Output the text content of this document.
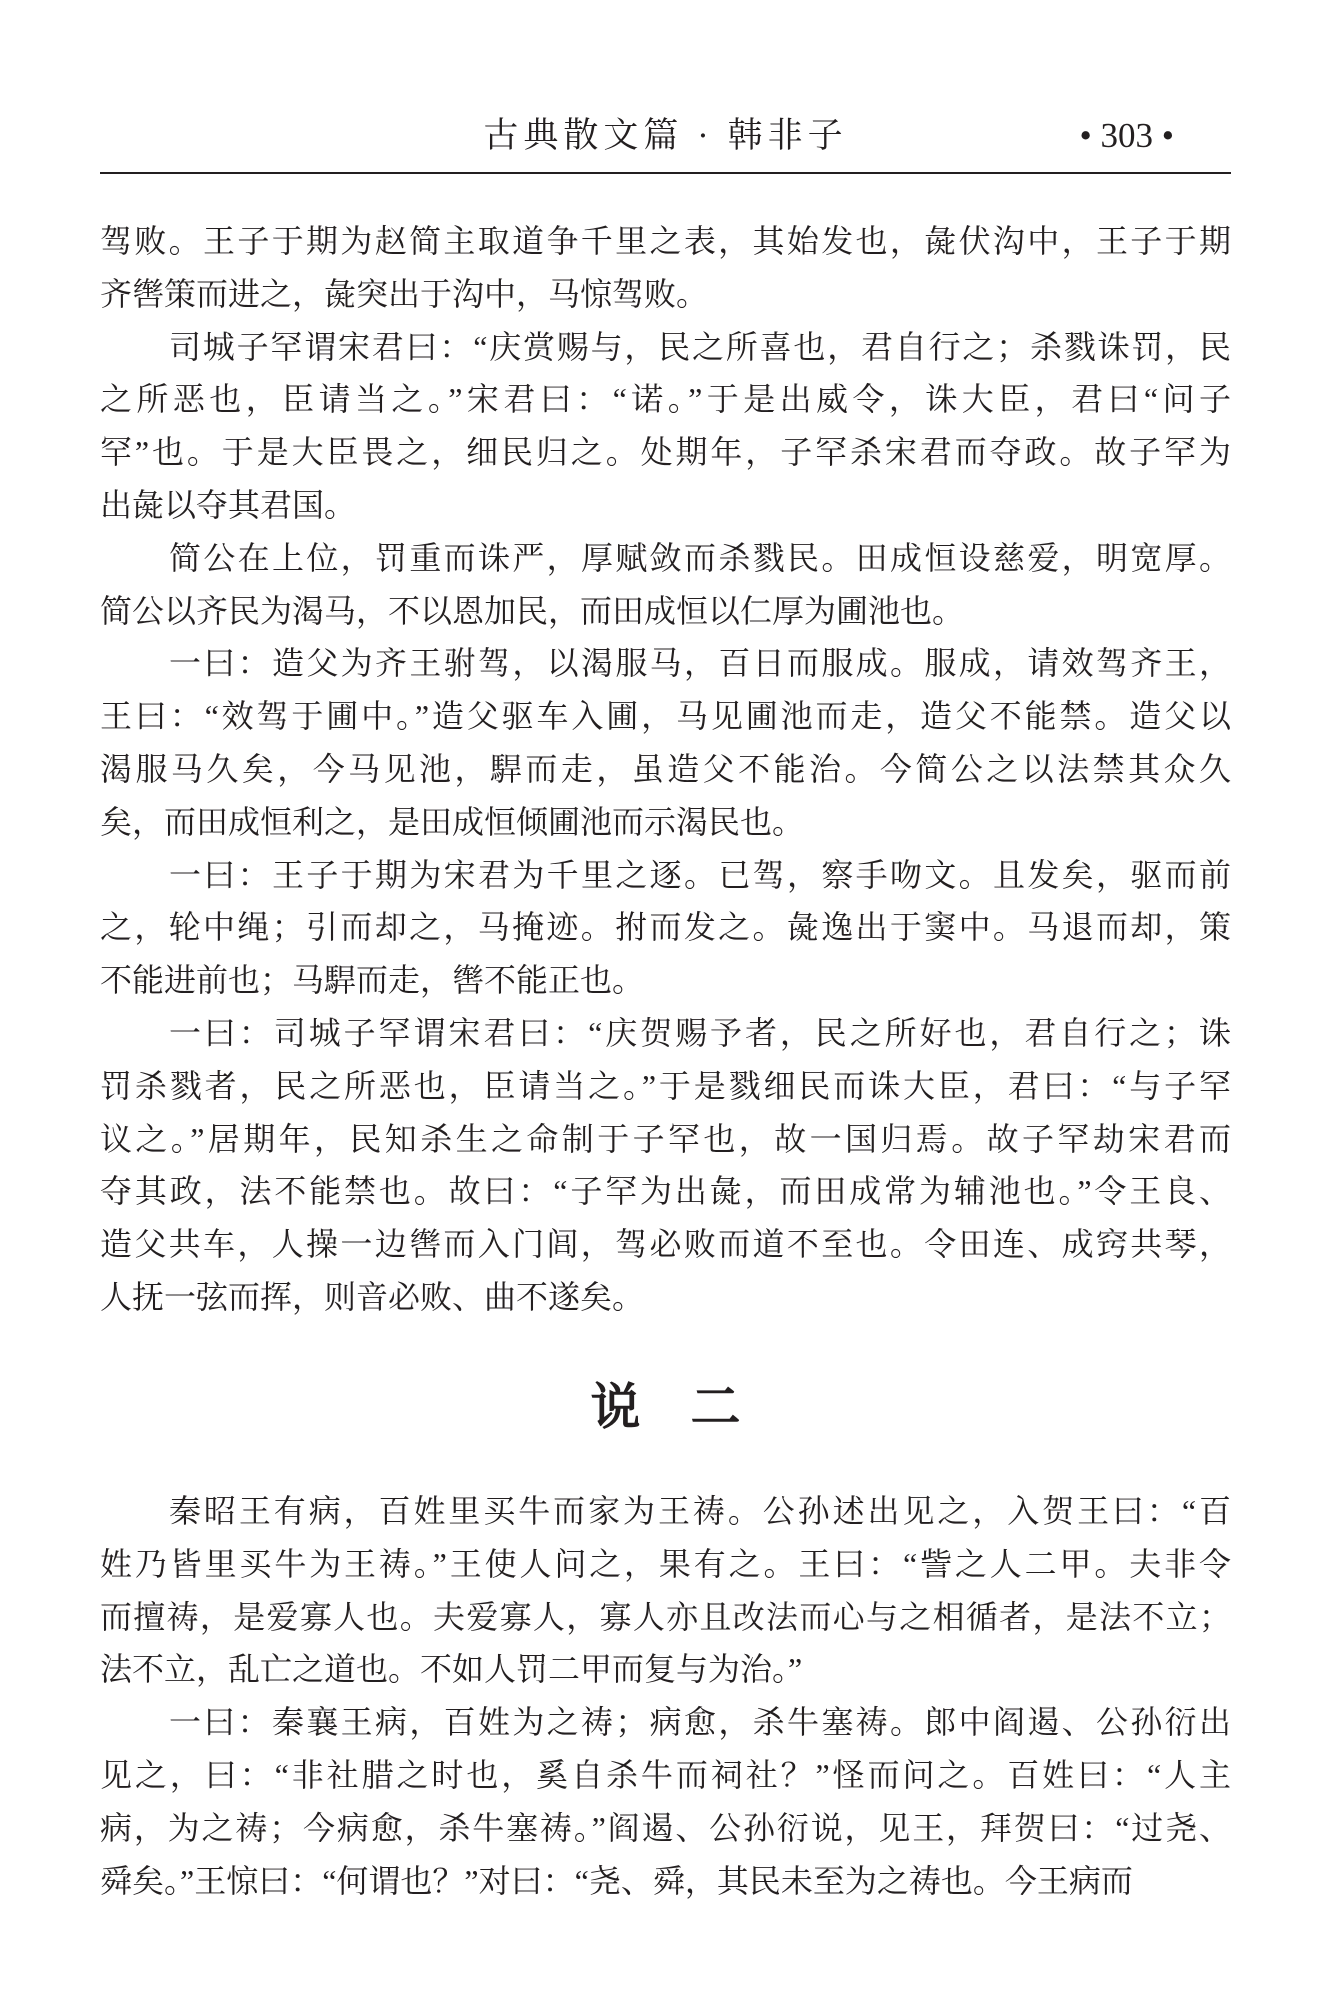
古典散文篇 · 韩非子	• 303 •
驾败。王子于期为赵简主取道争千里之表，其始发也，彘伏沟中，王子于期
齐辔策而进之，彘突出于沟中，马惊驾败。
司城子罕谓宋君曰：“庆赏赐与，民之所喜也，君自行之；杀戮诛罚，民
之所恶也，臣请当之。”宋君曰：“诺。”于是出威令，诛大臣，君曰“问子
罕”也。于是大臣畏之，细民归之。处期年，子罕杀宋君而夺政。故子罕为
出彘以夺其君国。
简公在上位，罚重而诛严，厚赋敛而杀戮民。田成恒设慈爱，明宽厚。
简公以齐民为渴马，不以恩加民，而田成恒以仁厚为圃池也。
一曰：造父为齐王驸驾，以渴服马，百日而服成。服成，请效驾齐王，
王曰：“效驾于圃中。”造父驱车入圃，马见圃池而走，造父不能禁。造父以
渴服马久矣，今马见池，駻而走，虽造父不能治。今简公之以法禁其众久
矣，而田成恒利之，是田成恒倾圃池而示渴民也。
一曰：王子于期为宋君为千里之逐。已驾，察手吻文。且发矣，驱而前
之，轮中绳；引而却之，马掩迹。拊而发之。彘逸出于窦中。马退而却，策
不能进前也；马駻而走，辔不能正也。
一曰：司城子罕谓宋君曰：“庆贺赐予者，民之所好也，君自行之；诛
罚杀戮者，民之所恶也，臣请当之。”于是戮细民而诛大臣，君曰：“与子罕
议之。”居期年，民知杀生之命制于子罕也，故一国归焉。故子罕劫宋君而
夺其政，法不能禁也。故曰：“子罕为出彘，而田成常为辅池也。”令王良、
造父共车，人操一边辔而入门闾，驾必败而道不至也。令田连、成窍共琴，
人抚一弦而挥，则音必败、曲不遂矣。
说　二
秦昭王有病，百姓里买牛而家为王祷。公孙述出见之，入贺王曰：“百
姓乃皆里买牛为王祷。”王使人问之，果有之。王曰：“訾之人二甲。夫非令
而擅祷，是爱寡人也。夫爱寡人，寡人亦且改法而心与之相循者，是法不立；
法不立，乱亡之道也。不如人罚二甲而复与为治。”
一曰：秦襄王病，百姓为之祷；病愈，杀牛塞祷。郎中阎遏、公孙衍出
见之，曰：“非社腊之时也，奚自杀牛而祠社？”怪而问之。百姓曰：“人主
病，为之祷；今病愈，杀牛塞祷。”阎遏、公孙衍说，见王，拜贺曰：“过尧、
舜矣。”王惊曰：“何谓也？”对曰：“尧、舜，其民未至为之祷也。今王病而
